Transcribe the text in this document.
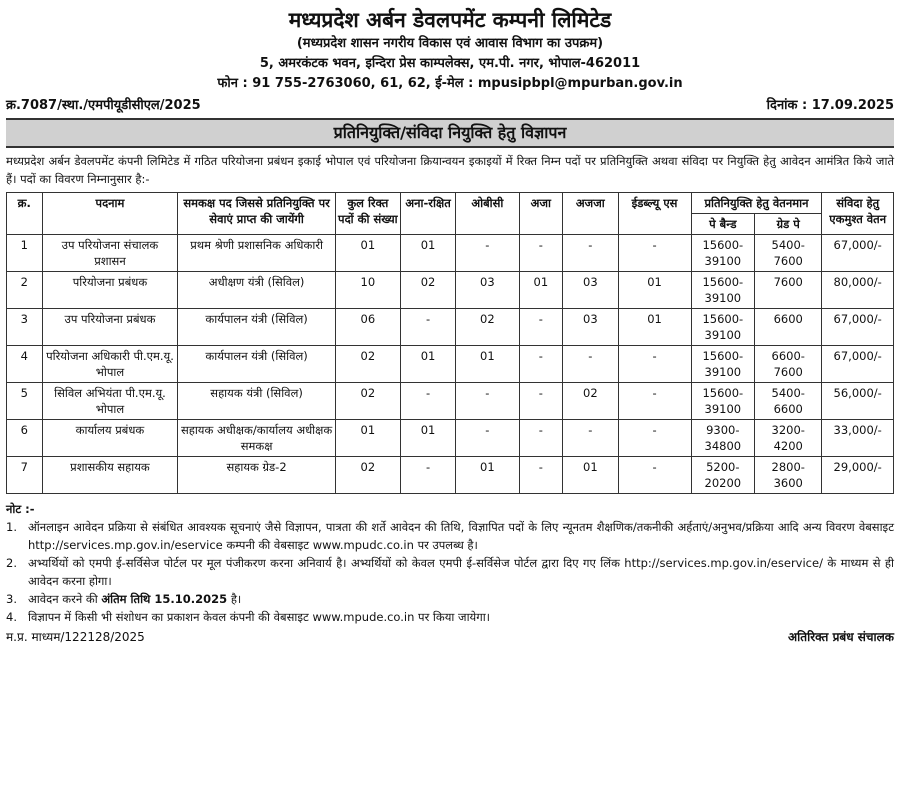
मध्यप्रदेश अर्बन डेवलपमेंट कम्पनी लिमिटेड
(मध्यप्रदेश शासन नगरीय विकास एवं आवास विभाग का उपक्रम)
5, अमरकंटक भवन, इन्दिरा प्रेस काम्पलेक्स, एम.पी. नगर, भोपाल-462011
फोन : 91 755-2763060, 61, 62, ई-मेल : mpusipbpl@mpurban.gov.in
क्र.7087/स्था./एमपीयूडीसीएल/2025	दिनांक : 17.09.2025
प्रतिनियुक्ति/संविदा नियुक्ति हेतु विज्ञापन
मध्यप्रदेश अर्बन डेवलपमेंट कंपनी लिमिटेड में गठित परियोजना प्रबंधन इकाई भोपाल एवं परियोजना क्रियान्वयन इकाइयों में रिक्त निम्न पदों पर प्रतिनियुक्ति अथवा संविदा पर नियुक्ति हेतु आवेदन आमंत्रित किये जाते हैं। पदों का विवरण निम्नानुसार है:-
क्र.	पदनाम	समकक्ष पद जिससे प्रतिनियुक्ति पर सेवाएं प्राप्त की जायेंगी	कुल रिक्त पदों की संख्या	अना-रक्षित	ओबीसी	अजा	अजजा	ईडब्ल्यू एस	प्रतिनियुक्ति हेतु वेतनमान		संविदा हेतु एकमुश्त वेतन
									पे बैन्ड	ग्रेड पे	
1	उप परियोजना संचालक प्रशासन	प्रथम श्रेणी प्रशासनिक अधिकारी	01	01	-	-	-	-	15600-39100	5400-7600	67,000/-
2	परियोजना प्रबंधक	अधीक्षण यंत्री (सिविल)	10	02	03	01	03	01	15600-39100	7600	80,000/-
3	उप परियोजना प्रबंधक	कार्यपालन यंत्री (सिविल)	06	-	02	-	03	01	15600-39100	6600	67,000/-
4	परियोजना अधिकारी पी.एम.यू. भोपाल	कार्यपालन यंत्री (सिविल)	02	01	01	-	-	-	15600-39100	6600-7600	67,000/-
5	सिविल अभियंता पी.एम.यू. भोपाल	सहायक यंत्री (सिविल)	02	-	-	-	02	-	15600-39100	5400-6600	56,000/-
6	कार्यालय प्रबंधक	सहायक अधीक्षक/कार्यालय अधीक्षक समकक्ष	01	01	-	-	-	-	9300-34800	3200-4200	33,000/-
7	प्रशासकीय सहायक	सहायक ग्रेड-2	02	-	01	-	01	-	5200-20200	2800-3600	29,000/-
नोट :-
1. ऑनलाइन आवेदन प्रक्रिया से संबंधित आवश्यक सूचनाएं जैसे विज्ञापन, पात्रता की शर्ते आवेदन की तिथि, विज्ञापित पदों के लिए न्यूनतम शैक्षणिक/तकनीकी अर्हताएं/अनुभव/प्रक्रिया आदि अन्य विवरण वेबसाइट http://services.mp.gov.in/eservice कम्पनी की वेबसाइट www.mpudc.co.in पर उपलब्ध है।
2. अभ्यर्थियों को एमपी ई-सर्विसेज पोर्टल पर मूल पंजीकरण करना अनिवार्य है। अभ्यर्थियों को केवल एमपी ई-सर्विसेज पोर्टल द्वारा दिए गए लिंक http://services.mp.gov.in/eservice/ के माध्यम से ही आवेदन करना होगा।
3. आवेदन करने की अंतिम तिथि 15.10.2025 है।
4. विज्ञापन में किसी भी संशोधन का प्रकाशन केवल कंपनी की वेबसाइट www.mpude.co.in पर किया जायेगा।
म.प्र. माध्यम/122128/2025	अतिरिक्त प्रबंध संचालक
